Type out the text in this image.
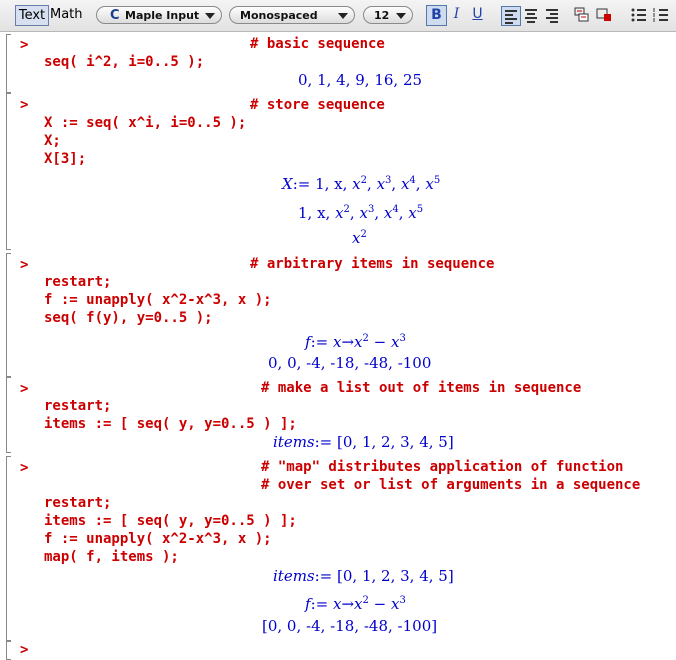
Text Math C Maple Input	Monospaced	12	B I U
>	# basic sequence
seq( i^2, i=0..5 );
0, 1, 4, 9, 16, 25
>	# store sequence
X := seq( x^i, i=0..5 );
X;
X[3];
X:= 1, x, $x^2$, $x^3$, $x^4$, $x^5$
1, x, $x^2$, $x^3$, $x^4$, $x^5$
$x^2$
>	# arbitrary items in sequence
restart;
f := unapply( x^2-x^3, x );
seq( f(y), y=0..5 );
f:= $x\to x^2 - x^3$
0, 0, -4, -18, -48, -100
>	# make a list out of items in sequence
restart;
items := [ seq( y, y=0..5 ) ];
items:= [0, 1, 2, 3, 4, 5]
>	# "map" distributes application of function
# over set or list of arguments in a sequence
restart;
items := [ seq( y, y=0..5 ) ];
f := unapply( x^2-x^3, x );
map( f, items );
items:= [0, 1, 2, 3, 4, 5]
f:= $x\to x^2 - x^3$
[0, 0, -4, -18, -48, -100]
>
